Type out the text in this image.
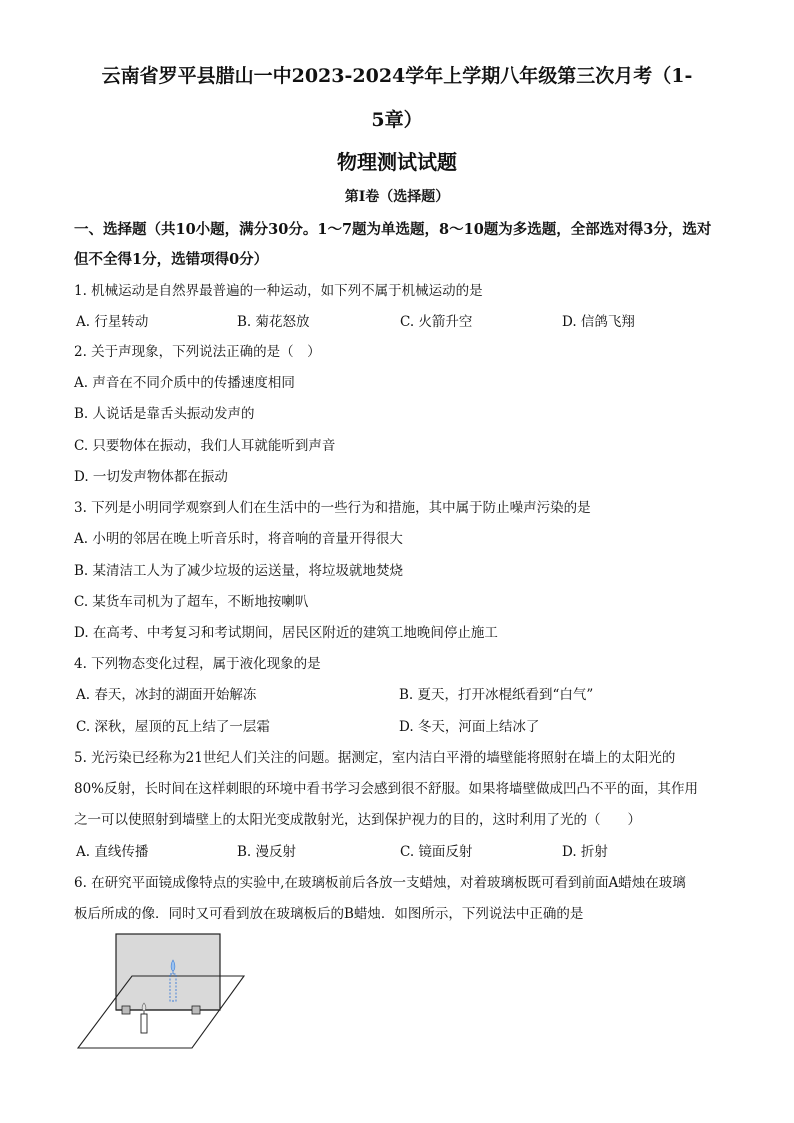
云南省罗平县腊山一中2023-2024学年上学期八年级第三次月考（1-
5章）
物理测试试题
第Ⅰ卷（选择题）
一、选择题（共10小题，满分30分。1～7题为单选题，8～10题为多选题，全部选对得3分，选对但不全得1分，选错项得0分）
1. 机械运动是自然界最普遍的一种运动，如下列不属于机械运动的是
A. 行星转动	B. 菊花怒放	C. 火箭升空	D. 信鸽飞翔
2. 关于声现象，下列说法正确的是（　）
A. 声音在不同介质中的传播速度相同
B. 人说话是靠舌头振动发声的
C. 只要物体在振动，我们人耳就能听到声音
D. 一切发声物体都在振动
3. 下列是小明同学观察到人们在生活中的一些行为和措施，其中属于防止噪声污染的是
A. 小明的邻居在晚上听音乐时，将音响的音量开得很大
B. 某清洁工人为了减少垃圾的运送量，将垃圾就地焚烧
C. 某货车司机为了超车，不断地按喇叭
D. 在高考、中考复习和考试期间，居民区附近的建筑工地晚间停止施工
4. 下列物态变化过程，属于液化现象的是
A. 春天，冰封的湖面开始解冻	B. 夏天，打开冰棍纸看到“白气”
C. 深秋，屋顶的瓦上结了一层霜	D. 冬天，河面上结冰了
5. 光污染已经称为21世纪人们关注的问题。据测定，室内洁白平滑的墙壁能将照射在墙上的太阳光的
80%反射，长时间在这样刺眼的环境中看书学习会感到很不舒服。如果将墙壁做成凹凸不平的面，其作用
之一可以使照射到墙壁上的太阳光变成散射光，达到保护视力的目的，这时利用了光的（　　）
A. 直线传播	B. 漫反射	C. 镜面反射	D. 折射
6. 在研究平面镜成像特点的实验中,在玻璃板前后各放一支蜡烛，对着玻璃板既可看到前面A蜡烛在玻璃
板后所成的像．同时又可看到放在玻璃板后的B蜡烛．如图所示，下列说法中正确的是
